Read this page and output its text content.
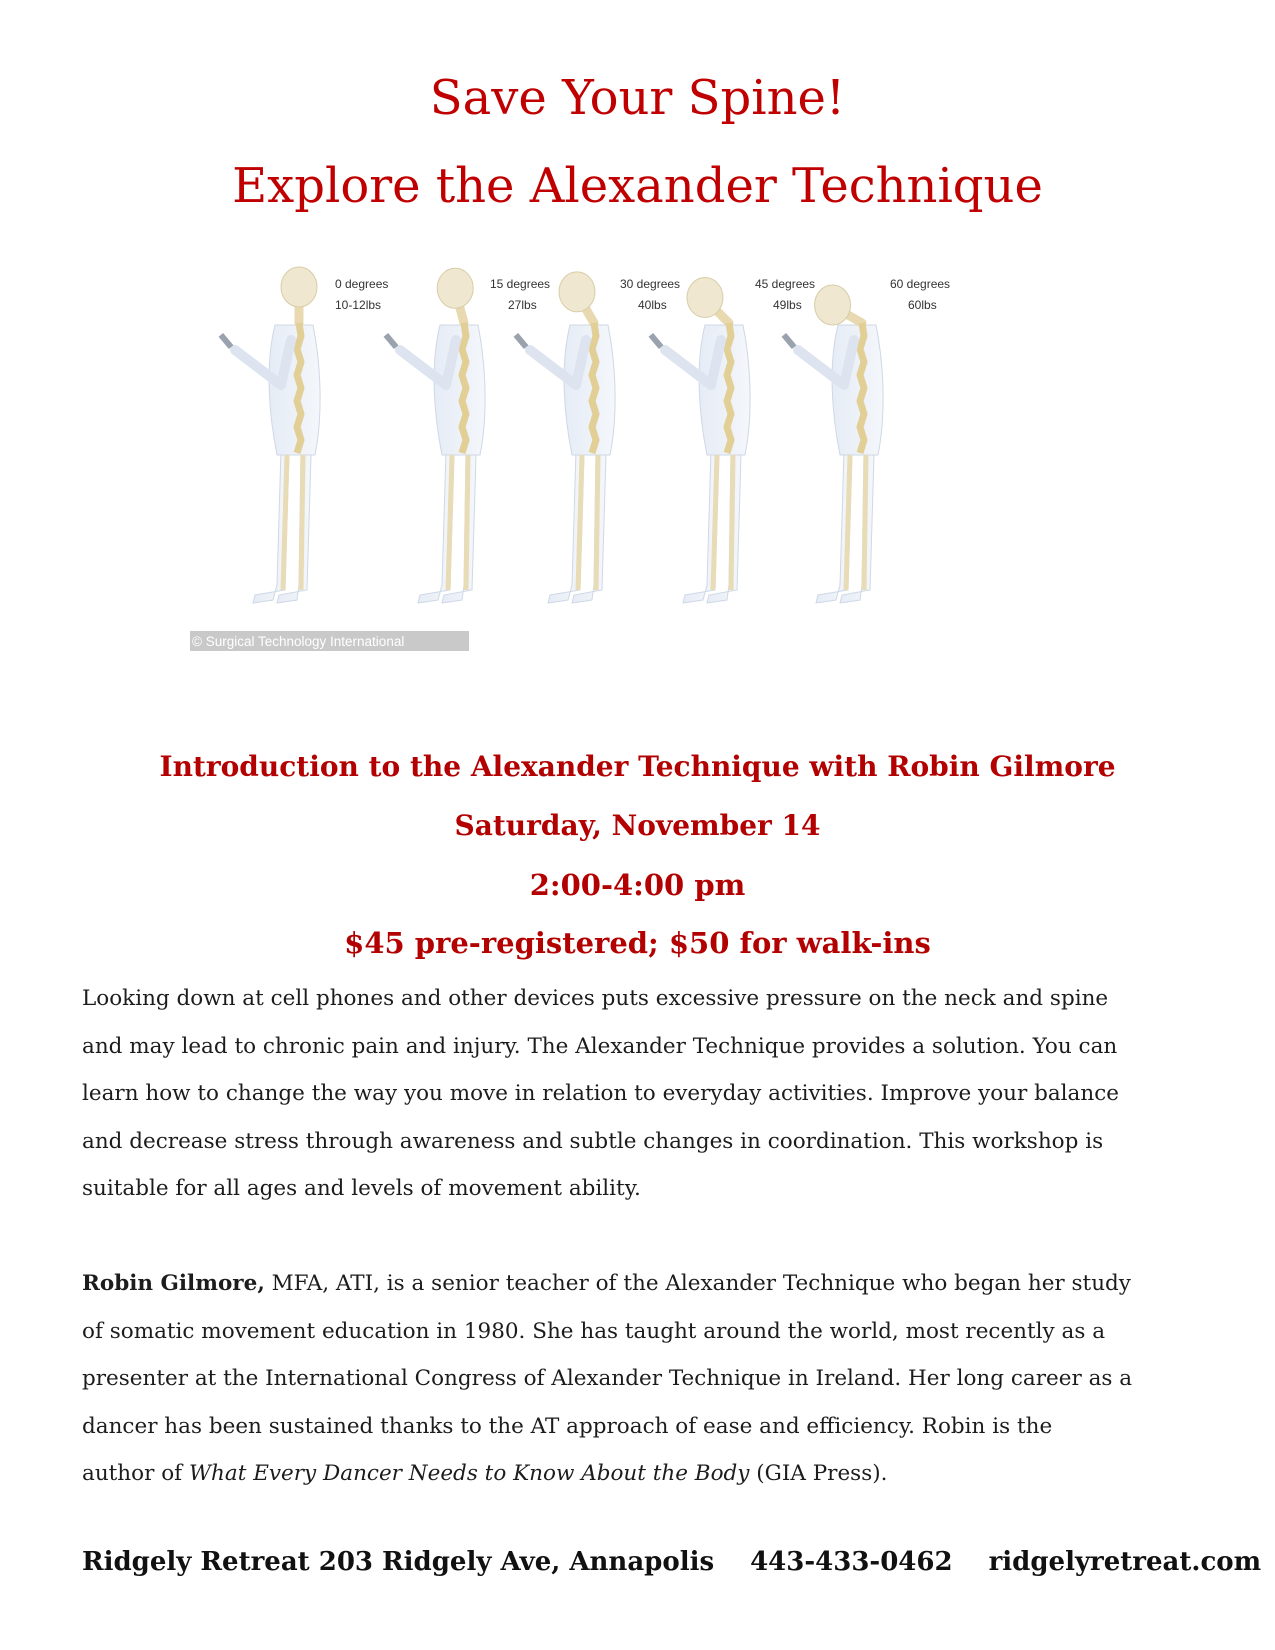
Save Your Spine!
Explore the Alexander Technique
0 degrees
10-12lbs
15 degrees
27lbs
30 degrees
40lbs
45 degrees
49lbs
60 degrees
60lbs
© Surgical Technology International

Introduction to the Alexander Technique with Robin Gilmore

Saturday, November 14

2:00-4:00 pm

$45 pre-registered; $50 for walk-ins

Looking down at cell phones and other devices puts excessive pressure on the neck and spine
and may lead to chronic pain and injury. The Alexander Technique provides a solution. You can
learn how to change the way you move in relation to everyday activities. Improve your balance
and decrease stress through awareness and subtle changes in coordination. This workshop is
suitable for all ages and levels of movement ability.
Robin Gilmore, MFA, ATI, is a senior teacher of the Alexander Technique who began her study
of somatic movement education in 1980. She has taught around the world, most recently as a
presenter at the International Congress of Alexander Technique in Ireland. Her long career as a
dancer has been sustained thanks to the AT approach of ease and efficiency. Robin is the
author of What Every Dancer Needs to Know About the Body (GIA Press).
Ridgely Retreat 203 Ridgely Ave, Annapolis 443-433-0462 ridgelyretreat.com
